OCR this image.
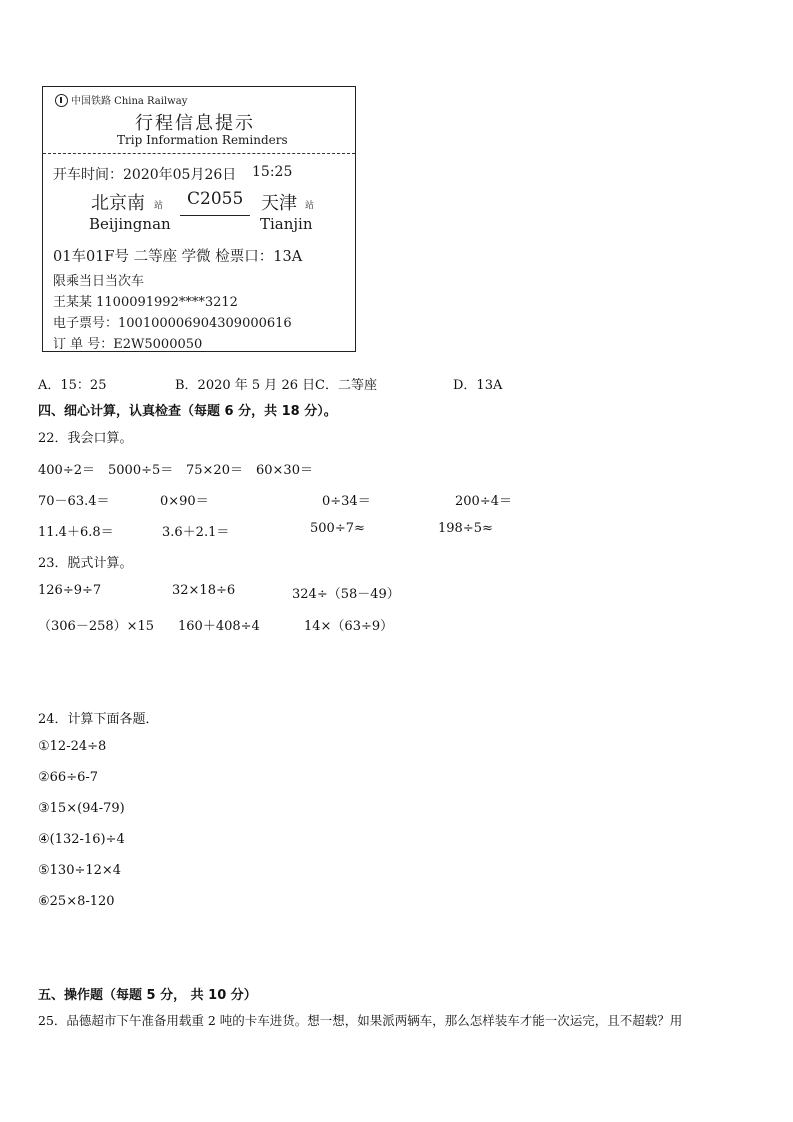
中国铁路 China Railway
行程信息提示
Trip Information Reminders
开车时间： 2020年05月26日 15:25
北京南 站
Beijingnan
C2055 天津 站
Tianjin
01车01F号 二等座 学微 检票口：13A
限乘当日当次车
王某某 1100091992****3212
电子票号：10010000690430900061​6
订 单 号：E2W5000050
A．15：25	B．2020 年 5 月 26 日 C．二等座	D．13A
四、细心计算，认真检查（每题 6 分，共 18 分）。
22．我会口算。
400÷2＝ 5000÷5＝ 75×20＝ 60×30＝
70－63.4＝	0×90＝	0÷34＝	200÷4＝
11.4＋6.8＝	3.6＋2.1＝	500÷7≈	198÷5≈
23．脱式计算。
126÷9÷7	32×18÷6	324÷（58－49）
（306－258）×15 160＋408÷4	14×（63÷9）
24．计算下面各题．
①12-24÷8
②66÷6-7
③15×(94-79)
④(132-16)÷4
⑤130÷12×4
⑥25×8-120
五、操作题（每题 5 分， 共 10 分）
25．品德超市下午准备用载重 2 吨的卡车进货。想一想，如果派两辆车，那么怎样装车才能一次运完，且不超载？用
